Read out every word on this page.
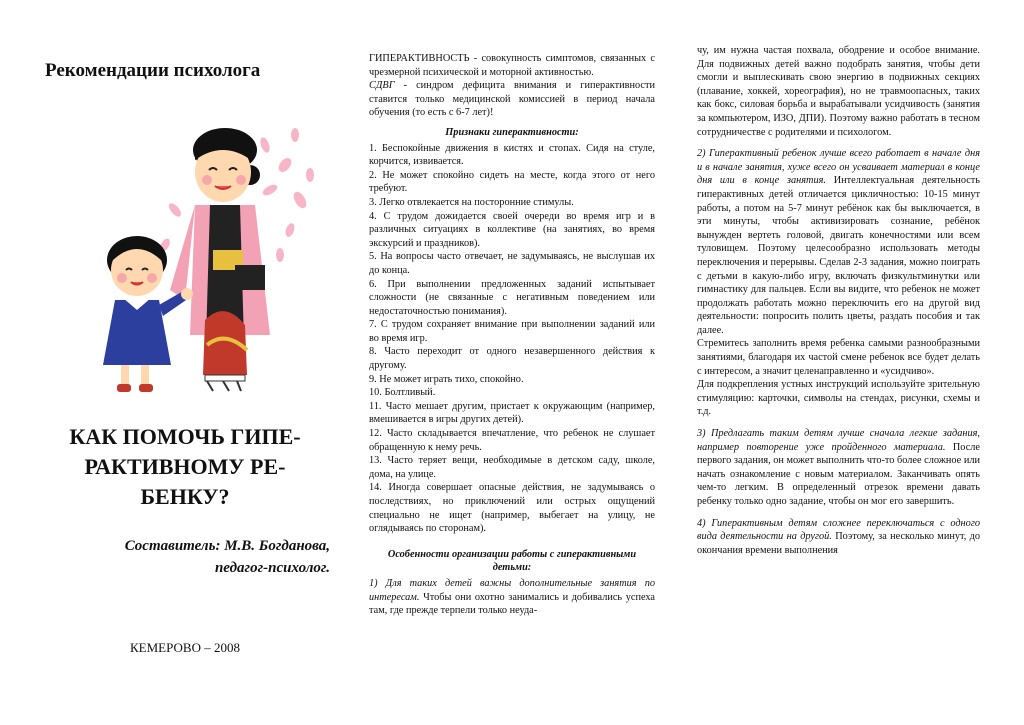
Рекомендации психолога
КАК ПОМОЧЬ ГИПЕ-
РАКТИВНОМУ РЕ-
БЕНКУ?
Составитель: М.В. Богданова,
педагог-психолог.
КЕМЕРОВО – 2008

ГИПЕРАКТИВНОСТЬ - совокупность симптомов, связанных с чрезмерной психической и моторной активностью.

СДВГ - синдром дефицита внимания и гиперактивности ставится только медицинской комиссией в период начала обучения (то есть с 6-7 лет)!

Признаки гиперактивности:

1. Беспокойные движения в кистях и стопах. Сидя на стуле, корчится, извивается.

2. Не может спокойно сидеть на месте, когда этого от него требуют.

3. Легко отвлекается на посторонние стимулы.

4. С трудом дожидается своей очереди во время игр и в различных ситуациях в коллективе (на занятиях, во время экскурсий и праздников).

5. На вопросы часто отвечает, не задумываясь, не выслушав их до конца.

6. При выполнении предложенных заданий испытывает сложности (не связанные с негативным поведением или недостаточностью понимания).

7. С трудом сохраняет внимание при выполнении заданий или во время игр.

8. Часто переходит от одного незавершенного действия к другому.

9. Не может играть тихо, спокойно.

10. Болтливый.

11. Часто мешает другим, пристает к окружающим (например, вмешивается в игры других детей).

12. Часто складывается впечатление, что ребенок не слушает обращенную к нему речь.

13. Часто теряет вещи, необходимые в детском саду, школе, дома, на улице.

14. Иногда совершает опасные действия, не задумываясь о последствиях, но приключений или острых ощущений специально не ищет (например, выбегает на улицу, не оглядываясь по сторонам).

Особенности организации работы с гиперактивными детьми:

1) Для таких детей важны дополнительные занятия по интересам. Чтобы они охотно занимались и добивались успеха там, где прежде терпели только неуда-

чу, им нужна частая похвала, ободрение и особое внимание. Для подвижных детей важно подобрать занятия, чтобы дети смогли и выплескивать свою энергию в подвижных секциях (плавание, хоккей, хореография), но не травмоопасных, таких как бокс, силовая борьба и вырабатывали усидчивость (занятия за компьютером, ИЗО, ДПИ). Поэтому важно работать в тесном сотрудничестве с родителями и психологом.

2) Гиперактивный ребенок лучше всего работает в начале дня и в начале занятия, хуже всего он усваивает материал в конце дня или в конце занятия. Интеллектуальная деятельность гиперактивных детей отличается цикличностью: 10-15 минут работы, а потом на 5-7 минут ребёнок как бы выключается, в эти минуты, чтобы активизировать сознание, ребёнок вынужден вертеть головой, двигать конечностями или всем туловищем. Поэтому целесообразно использовать методы переключения и перерывы. Сделав 2-3 задания, можно поиграть с детьми в какую-либо игру, включать физкультминутки или гимнастику для пальцев. Если вы видите, что ребенок не может продолжать работать можно переключить его на другой вид деятельности: попросить полить цветы, раздать пособия и так далее.

Стремитесь заполнить время ребенка самыми разнообразными занятиями, благодаря их частой смене ребенок все будет делать с интересом, а значит целенаправленно и «усидчиво».

Для подкрепления устных инструкций используйте зрительную стимуляцию: карточки, символы на стендах, рисунки, схемы и т.д.

3) Предлагать таким детям лучше сначала легкие задания, например повторение уже пройденного материала. После первого задания, он может выполнить что-то более сложное или начать ознакомление с новым материалом. Заканчивать опять чем-то легким. В определенный отрезок времени давать ребенку только одно задание, чтобы он мог его завершить.

4) Гиперактивным детям сложнее переключаться с одного вида деятельности на другой. Поэтому, за несколько минут, до окончания времени выполнения
